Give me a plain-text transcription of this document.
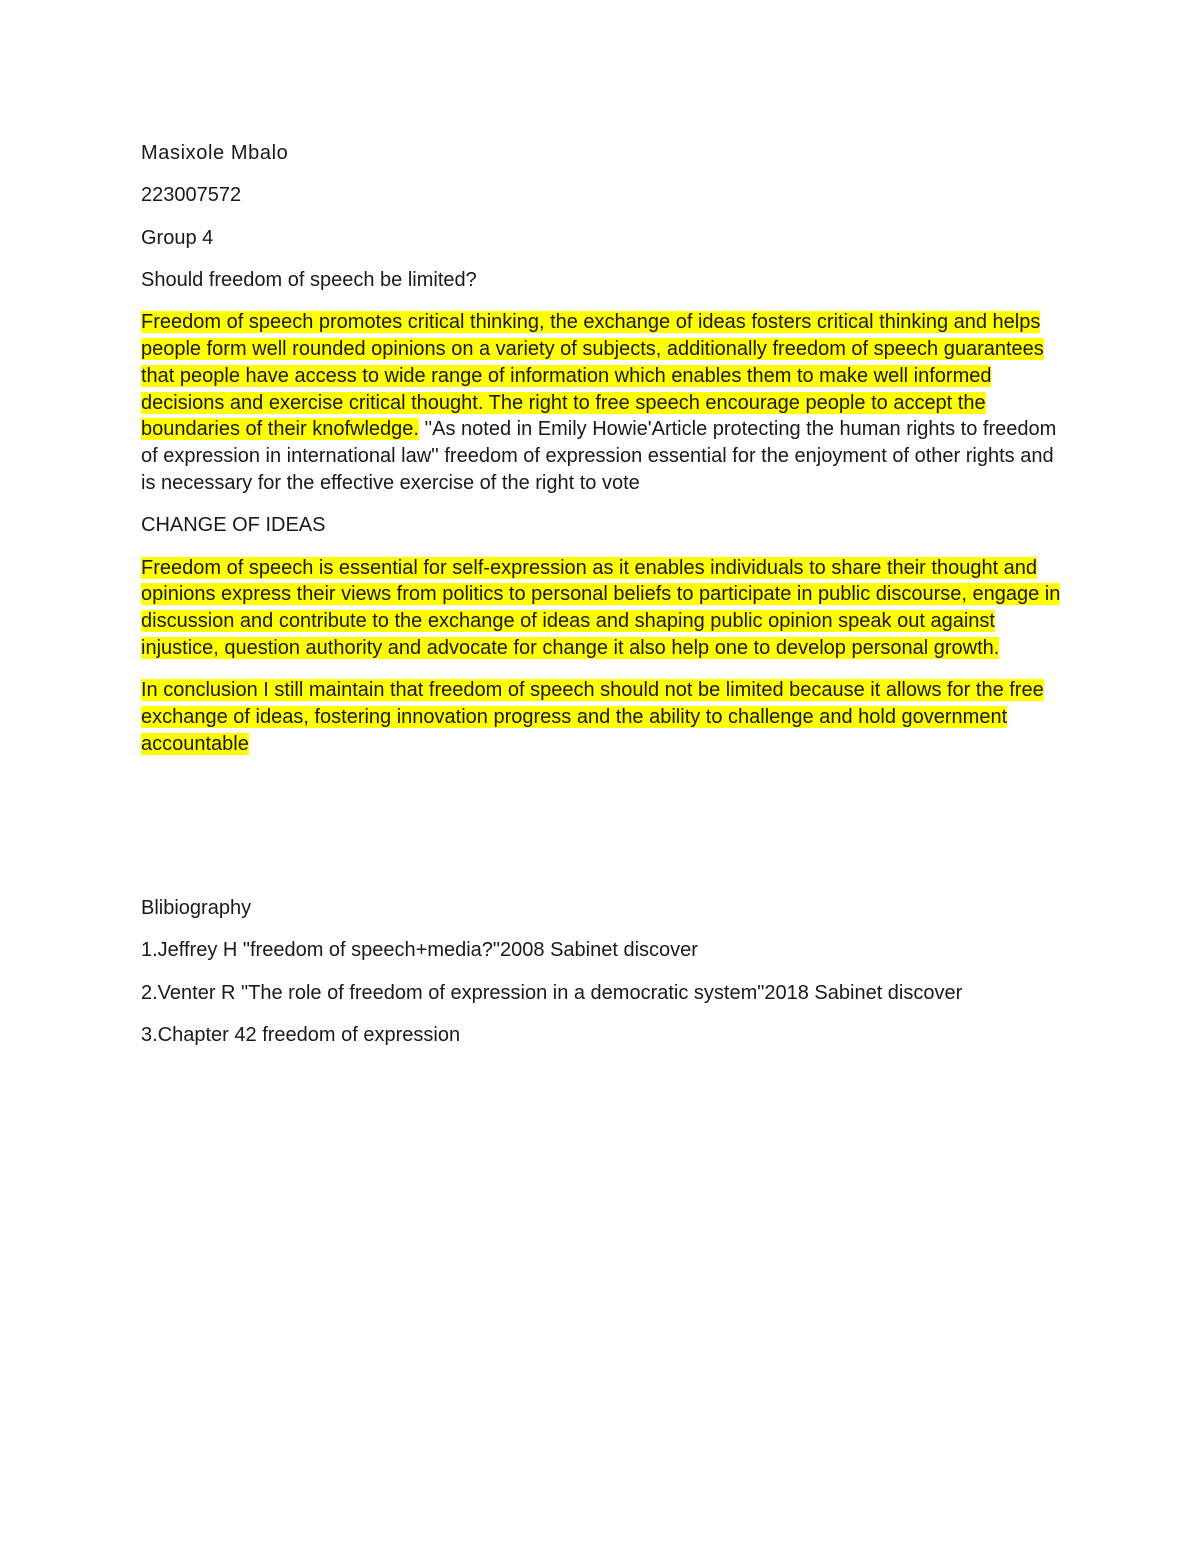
Masixole Mbalo

223007572

Group 4

Should freedom of speech be limited?

Freedom of speech promotes critical thinking, the exchange of ideas fosters critical thinking and helps people form well rounded opinions on a variety of subjects, additionally freedom of speech guarantees that people have access to wide range of information which enables them to make well informed decisions and exercise critical thought. The right to free speech encourage people to accept the boundaries of their knofwledge. ''As noted in Emily Howie'Article protecting the human rights to freedom of expression in international law'' freedom of expression essential for the enjoyment of other rights and is necessary for the effective exercise of the right to vote

CHANGE OF IDEAS

Freedom of speech is essential for self-expression as it enables individuals to share their thought and opinions express their views from politics to personal beliefs to participate in public discourse, engage in discussion and contribute to the exchange of ideas and shaping public opinion speak out against injustice, question authority and advocate for change it also help one to develop personal growth.

In conclusion I still maintain that freedom of speech should not be limited because it allows for the free exchange of ideas, fostering innovation progress and the ability to challenge and hold government accountable

Blibiography

1.Jeffrey H "freedom of speech+media?"2008 Sabinet discover

2.Venter R "The role of freedom of expression in a democratic system"2018 Sabinet discover

3.Chapter 42 freedom of expression
